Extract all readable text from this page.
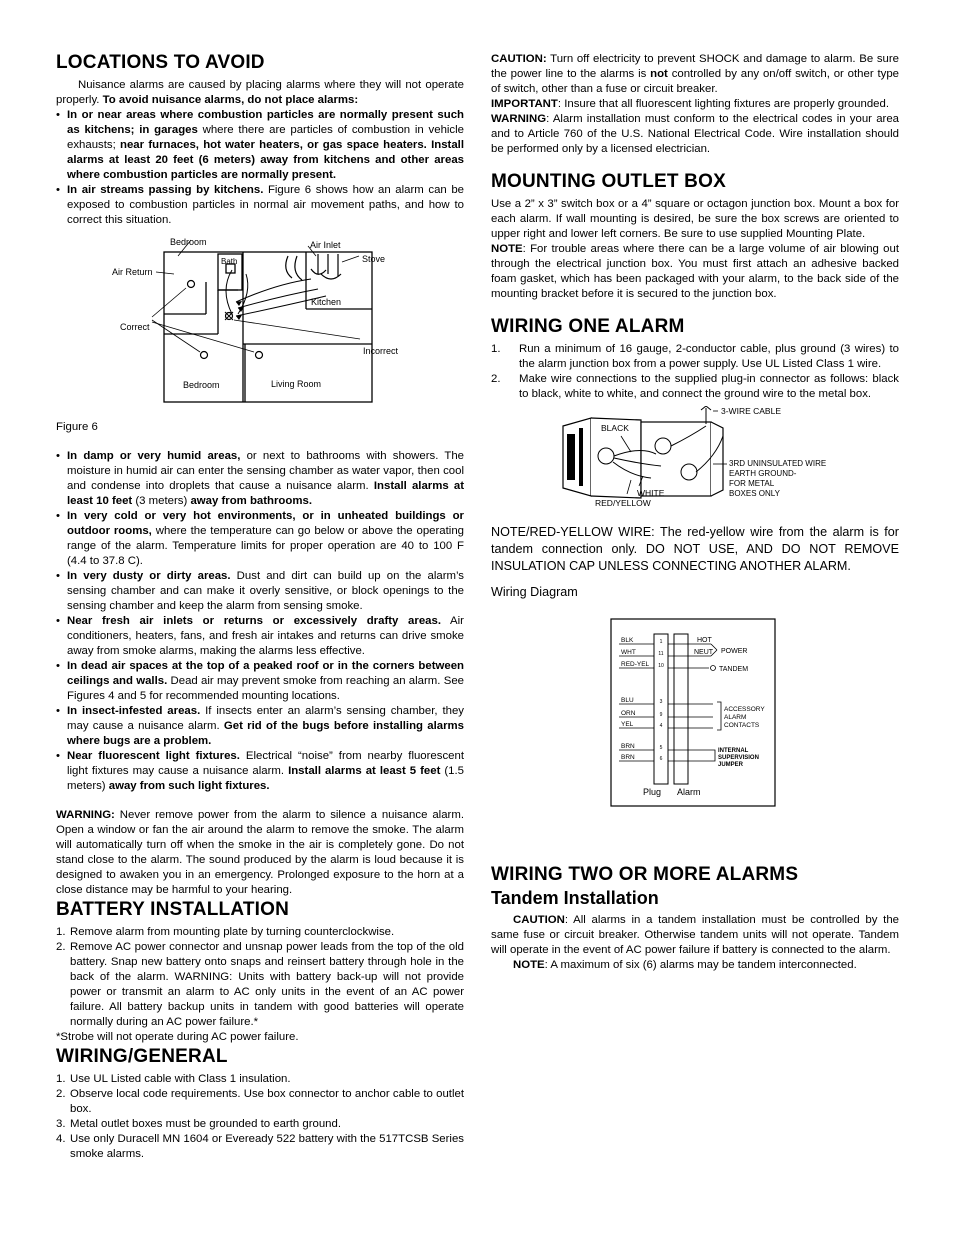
LOCATIONS TO AVOID

Nuisance alarms are caused by placing alarms where they will not operate properly. To avoid nuisance alarms, do not place alarms:

• In or near areas where combustion particles are normally present such as kitchens; in garages where there are particles of combustion in vehicle exhausts; near furnaces, hot water heaters, or gas space heaters. Install alarms at least 20 feet (6 meters) away from kitchens and other areas where combustion particles are normally present.
• In air streams passing by kitchens. Figure 6 shows how an alarm can be exposed to combustion particles in normal air movement paths, and how to correct this situation.
Bedroom
Bath
Air Inlet
Stove
Air Return
Kitchen
Correct
Incorrect
Bedroom	Living Room

Figure 6

• In damp or very humid areas, or next to bathrooms with showers. The moisture in humid air can enter the sensing chamber as water vapor, then cool and condense into droplets that cause a nuisance alarm. Install alarms at least 10 feet (3 meters) away from bathrooms.
• In very cold or very hot environments, or in unheated buildings or outdoor rooms, where the temperature can go below or above the operating range of the alarm. Temperature limits for proper operation are 40 to 100 F (4.4 to 37.8 C).
• In very dusty or dirty areas. Dust and dirt can build up on the alarm’s sensing chamber and can make it overly sensitive, or block openings to the sensing chamber and keep the alarm from sensing smoke.
• Near fresh air inlets or returns or excessively drafty areas. Air conditioners, heaters, fans, and fresh air intakes and returns can drive smoke away from smoke alarms, making the alarms less effective.
• In dead air spaces at the top of a peaked roof or in the corners between ceilings and walls. Dead air may prevent smoke from reaching an alarm. See Figures 4 and 5 for recommended mounting locations.
• In insect-infested areas. If insects enter an alarm’s sensing chamber, they may cause a nuisance alarm. Get rid of the bugs before installing alarms where bugs are a problem.
• Near fluorescent light fixtures. Electrical “noise” from nearby fluorescent light fixtures may cause a nuisance alarm. Install alarms at least 5 feet (1.5 meters) away from such light fixtures.

WARNING: Never remove power from the alarm to silence a nuisance alarm. Open a window or fan the air around the alarm to remove the smoke. The alarm will automatically turn off when the smoke in the air is completely gone. Do not stand close to the alarm. The sound produced by the alarm is loud because it is designed to awaken you in an emergency. Prolonged exposure to the horn at a close distance may be harmful to your hearing.

BATTERY INSTALLATION
1. Remove alarm from mounting plate by turning counterclockwise.
2. Remove AC power connector and unsnap power leads from the top of the old battery. Snap new battery onto snaps and reinsert battery through hole in the back of the alarm. WARNING: Units with battery back-up will not provide power or transmit an alarm to AC only units in the event of an AC power failure. All battery backup units in tandem with good batteries will operate normally during an AC power failure.*

*Strobe will not operate during AC power failure.

WIRING/GENERAL
1. Use UL Listed cable with Class 1 insulation.
2. Observe local code requirements. Use box connector to anchor cable to outlet box.
3. Metal outlet boxes must be grounded to earth ground.
4. Use only Duracell MN 1604 or Eveready 522 battery with the 517TCSB Series smoke alarms.

CAUTION: Turn off electricity to prevent SHOCK and damage to alarm. Be sure the power line to the alarms is not controlled by any on/off switch, or other type of switch, other than a fuse or circuit breaker.

IMPORTANT: Insure that all fluorescent lighting fixtures are properly grounded.

WARNING: Alarm installation must conform to the electrical codes in your area and to Article 760 of the U.S. National Electrical Code. Wire installation should be performed only by a licensed electrician.

MOUNTING OUTLET BOX

Use a 2” x 3” switch box or a 4” square or octagon junction box. Mount a box for each alarm. If wall mounting is desired, be sure the box screws are oriented to upper right and lower left corners. Be sure to use supplied Mounting Plate.

NOTE: For trouble areas where there can be a large volume of air blowing out through the electrical junction box. You must first attach an adhesive backed foam gasket, which has been packaged with your alarm, to the back side of the mounting bracket before it is secured to the junction box.

WIRING ONE ALARM
1. Run a minimum of 16 gauge, 2-conductor cable, plus ground (3 wires) to the alarm junction box from a power supply. Use UL Listed Class 1 wire.
2. Make wire connections to the supplied plug-in connector as follows: black to black, white to white, and connect the ground wire to the metal box.
3-WIRE CABLE
BLACK
3RD UNINSULATED WIRE
EARTH GROUND-
FOR METAL
BOXES ONLY
WHITE
RED/YELLOW

NOTE/RED-YELLOW WIRE: The red-yellow wire from the alarm is for tandem connection only. DO NOT USE, AND DO NOT REMOVE INSULATION CAP UNLESS CONNECTING ANOTHER ALARM.

Wiring Diagram

BLK	1
WHT	11
RED-YEL 10
BLU	3
ORN	9
YEL	4
BRN	5
BRN	6
HOT
NEUT POWER
TANDEM
ACCESSORY
ALARM
CONTACTS
INTERNAL
SUPERVISION
JUMPER
Plug Alarm
WIRING TWO OR MORE ALARMS
Tandem Installation

CAUTION: All alarms in a tandem installation must be controlled by the same fuse or circuit breaker. Otherwise tandem units will not operate. Tandem will operate in the event of AC power failure if battery is connected to the alarm.

NOTE: A maximum of six (6) alarms may be tandem interconnected.
